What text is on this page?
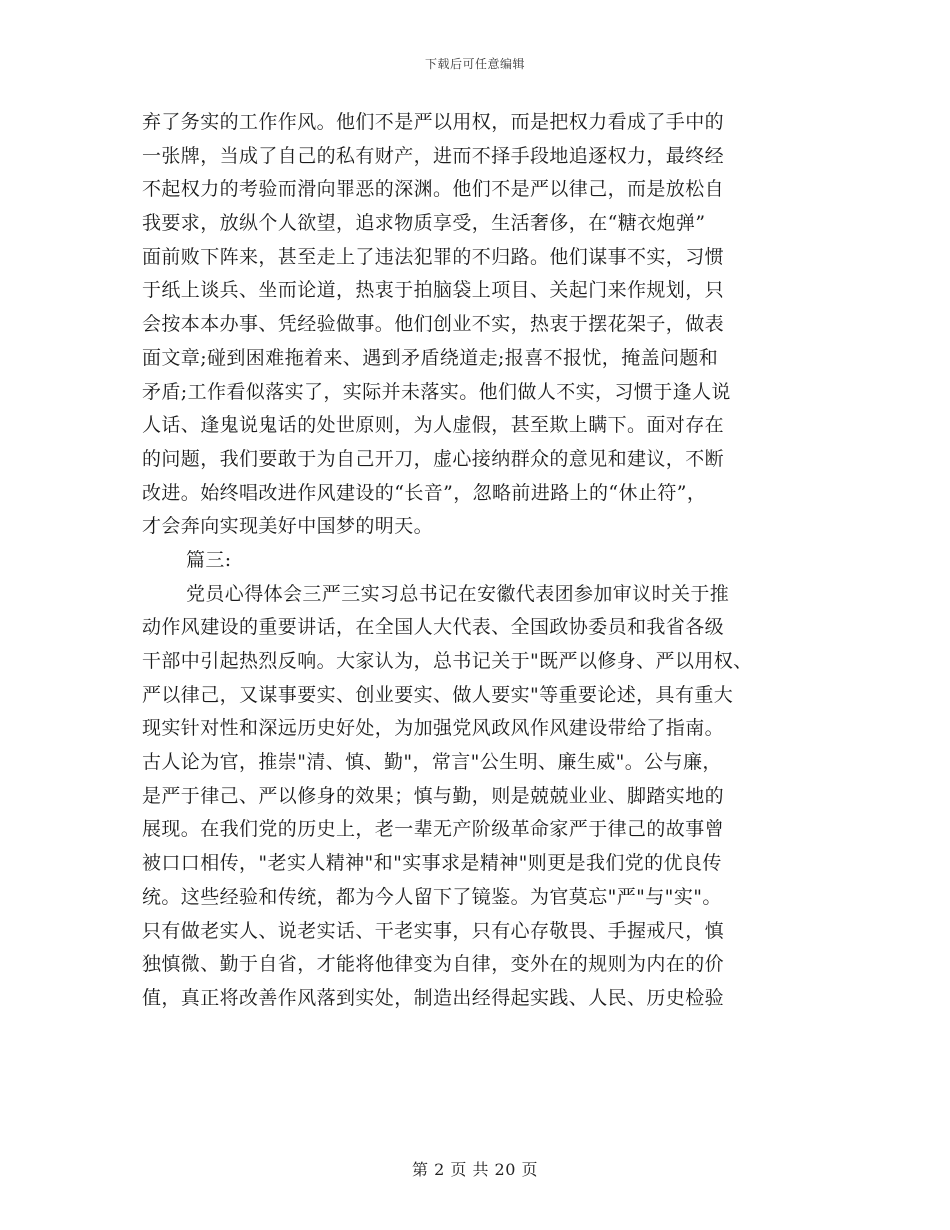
下载后可任意编辑
弃了务实的工作作风。他们不是严以用权，而是把权力看成了手中的
一张牌，当成了自己的私有财产，进而不择手段地追逐权力，最终经
不起权力的考验而滑向罪恶的深渊。他们不是严以律己，而是放松自
我要求，放纵个人欲望，追求物质享受，生活奢侈，在“糖衣炮弹”
面前败下阵来，甚至走上了违法犯罪的不归路。他们谋事不实，习惯
于纸上谈兵、坐而论道，热衷于拍脑袋上项目、关起门来作规划，只
会按本本办事、凭经验做事。他们创业不实，热衷于摆花架子，做表
面文章;碰到困难拖着来、遇到矛盾绕道走;报喜不报忧，掩盖问题和
矛盾;工作看似落实了，实际并未落实。他们做人不实，习惯于逢人说
人话、逢鬼说鬼话的处世原则，为人虚假，甚至欺上瞒下。面对存在
的问题，我们要敢于为自己开刀，虚心接纳群众的意见和建议，不断
改进。始终唱改进作风建设的“长音”，忽略前进路上的“休止符”，
才会奔向实现美好中国梦的明天。
篇三:
党员心得体会三严三实习总书记在安徽代表团参加审议时关于推
动作风建设的重要讲话，在全国人大代表、全国政协委员和我省各级
干部中引起热烈反响。大家认为，总书记关于"既严以修身、严以用权、
严以律己，又谋事要实、创业要实、做人要实"等重要论述，具有重大
现实针对性和深远历史好处，为加强党风政风作风建设带给了指南。
古人论为官，推崇"清、慎、勤"，常言"公生明、廉生威"。公与廉，
是严于律己、严以修身的效果；慎与勤，则是兢兢业业、脚踏实地的
展现。在我们党的历史上，老一辈无产阶级革命家严于律己的故事曾
被口口相传，"老实人精神"和"实事求是精神"则更是我们党的优良传
统。这些经验和传统，都为今人留下了镜鉴。为官莫忘"严"与"实"。
只有做老实人、说老实话、干老实事，只有心存敬畏、手握戒尺，慎
独慎微、勤于自省，才能将他律变为自律，变外在的规则为内在的价
值，真正将改善作风落到实处，制造出经得起实践、人民、历史检验
第 2 页 共 20 页
